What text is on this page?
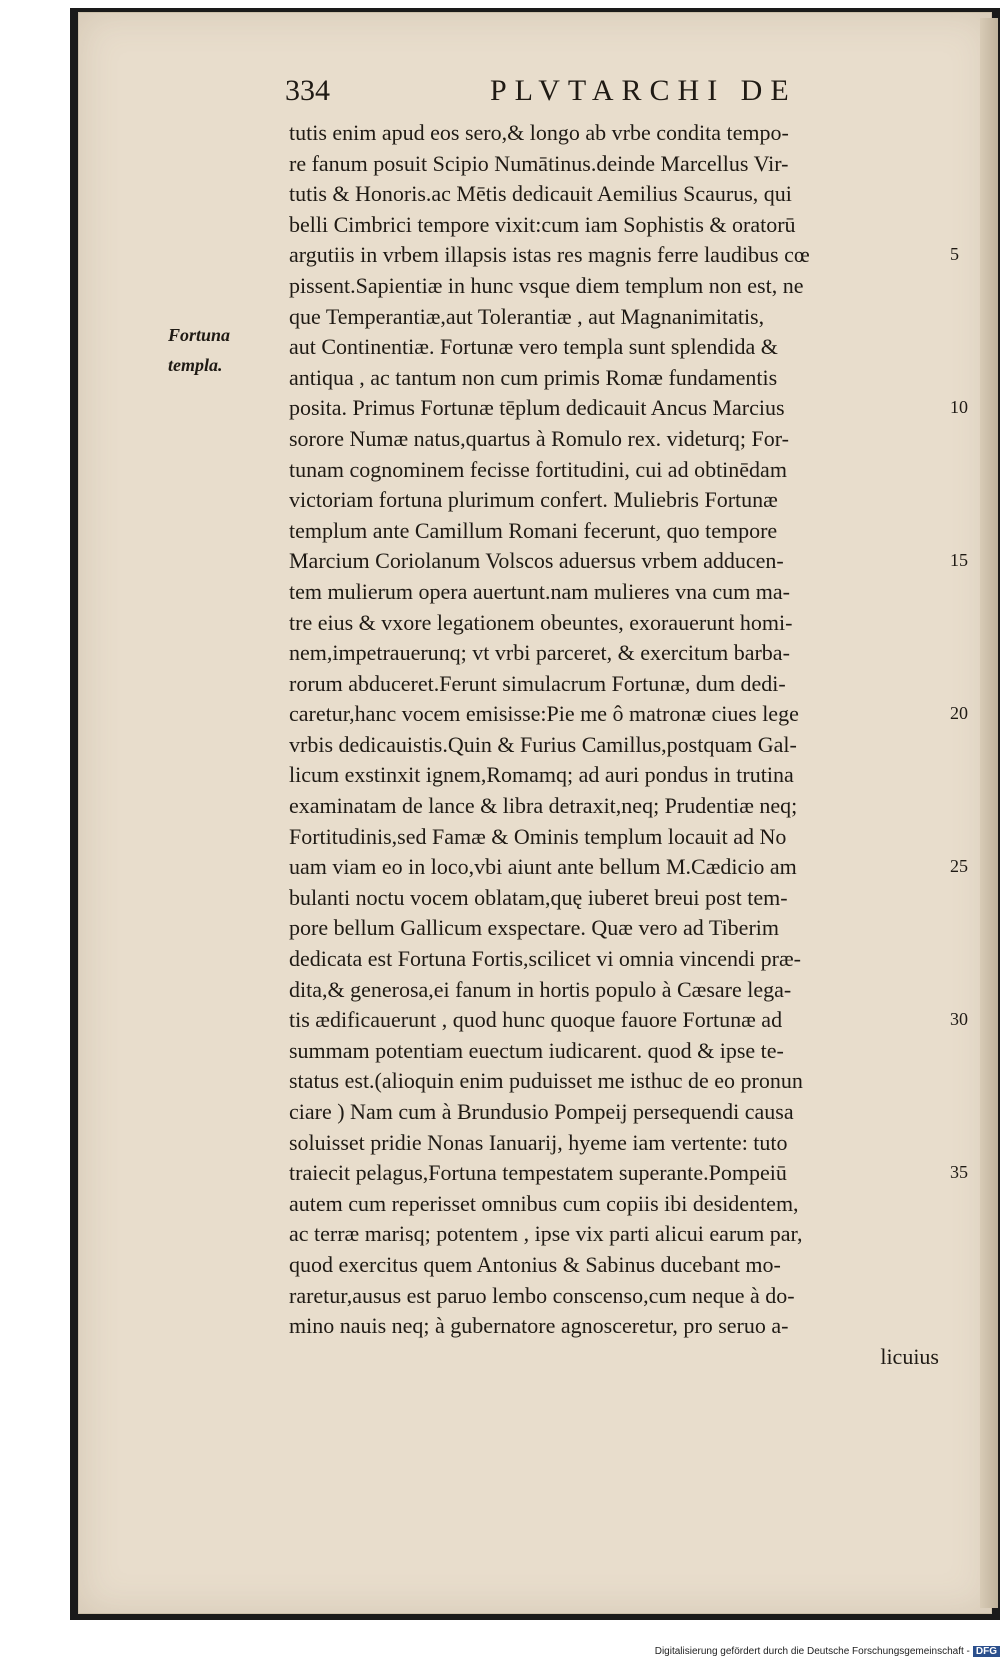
334	PLVTARCHI DE
Fortuna
templa.
tutis enim apud eos sero,& longo ab vrbe condita tempo-
re fanum posuit Scipio Numātinus.deinde Marcellus Vir-
tutis & Honoris.ac Mētis dedicauit Aemilius Scaurus, qui
belli Cimbrici tempore vixit:cum iam Sophistis & oratorū
argutiis in vrbem illapsis istas res magnis ferre laudibus cœ
pissent.Sapientiæ in hunc vsque diem templum non est, ne
que Temperantiæ,aut Tolerantiæ , aut Magnanimitatis,
aut Continentiæ. Fortunæ vero templa sunt splendida &
antiqua , ac tantum non cum primis Romæ fundamentis
posita. Primus Fortunæ tēplum dedicauit Ancus Marcius
sorore Numæ natus,quartus à Romulo rex. videturq; For-
tunam cognominem fecisse fortitudini, cui ad obtinēdam
victoriam fortuna plurimum confert. Muliebris Fortunæ
templum ante Camillum Romani fecerunt, quo tempore
Marcium Coriolanum Volscos aduersus vrbem adducen-
tem mulierum opera auertunt.nam mulieres vna cum ma-
tre eius & vxore legationem obeuntes, exorauerunt homi-
nem,impetrauerunq; vt vrbi parceret, & exercitum barba-
rorum abduceret.Ferunt simulacrum Fortunæ, dum dedi-
caretur,hanc vocem emisisse:Pie me ô matronæ ciues lege
vrbis dedicauistis.Quin & Furius Camillus,postquam Gal-
licum exstinxit ignem,Romamq; ad auri pondus in trutina
examinatam de lance & libra detraxit,neq; Prudentiæ neq;
Fortitudinis,sed Famæ & Ominis templum locauit ad No
uam viam eo in loco,vbi aiunt ante bellum M.Cædicio am
bulanti noctu vocem oblatam,quę iuberet breui post tem-
pore bellum Gallicum exspectare. Quæ vero ad Tiberim
dedicata est Fortuna Fortis,scilicet vi omnia vincendi præ-
dita,& generosa,ei fanum in hortis populo à Cæsare lega-
tis ædificauerunt , quod hunc quoque fauore Fortunæ ad
summam potentiam euectum iudicarent. quod & ipse te-
status est.(alioquin enim puduisset me isthuc de eo pronun
ciare ) Nam cum à Brundusio Pompeij persequendi causa
soluisset pridie Nonas Ianuarij, hyeme iam vertente: tuto
traiecit pelagus,Fortuna tempestatem superante.Pompeiū
autem cum reperisset omnibus cum copiis ibi desidentem,
ac terræ marisq; potentem , ipse vix parti alicui earum par,
quod exercitus quem Antonius & Sabinus ducebant mo-
raretur,ausus est paruo lembo conscenso,cum neque à do-
mino nauis neq; à gubernatore agnosceretur, pro seruo a-
licuius
5
10
15
20
25
30
35
Digitalisierung gefördert durch die Deutsche Forschungsgemeinschaft - DFG
